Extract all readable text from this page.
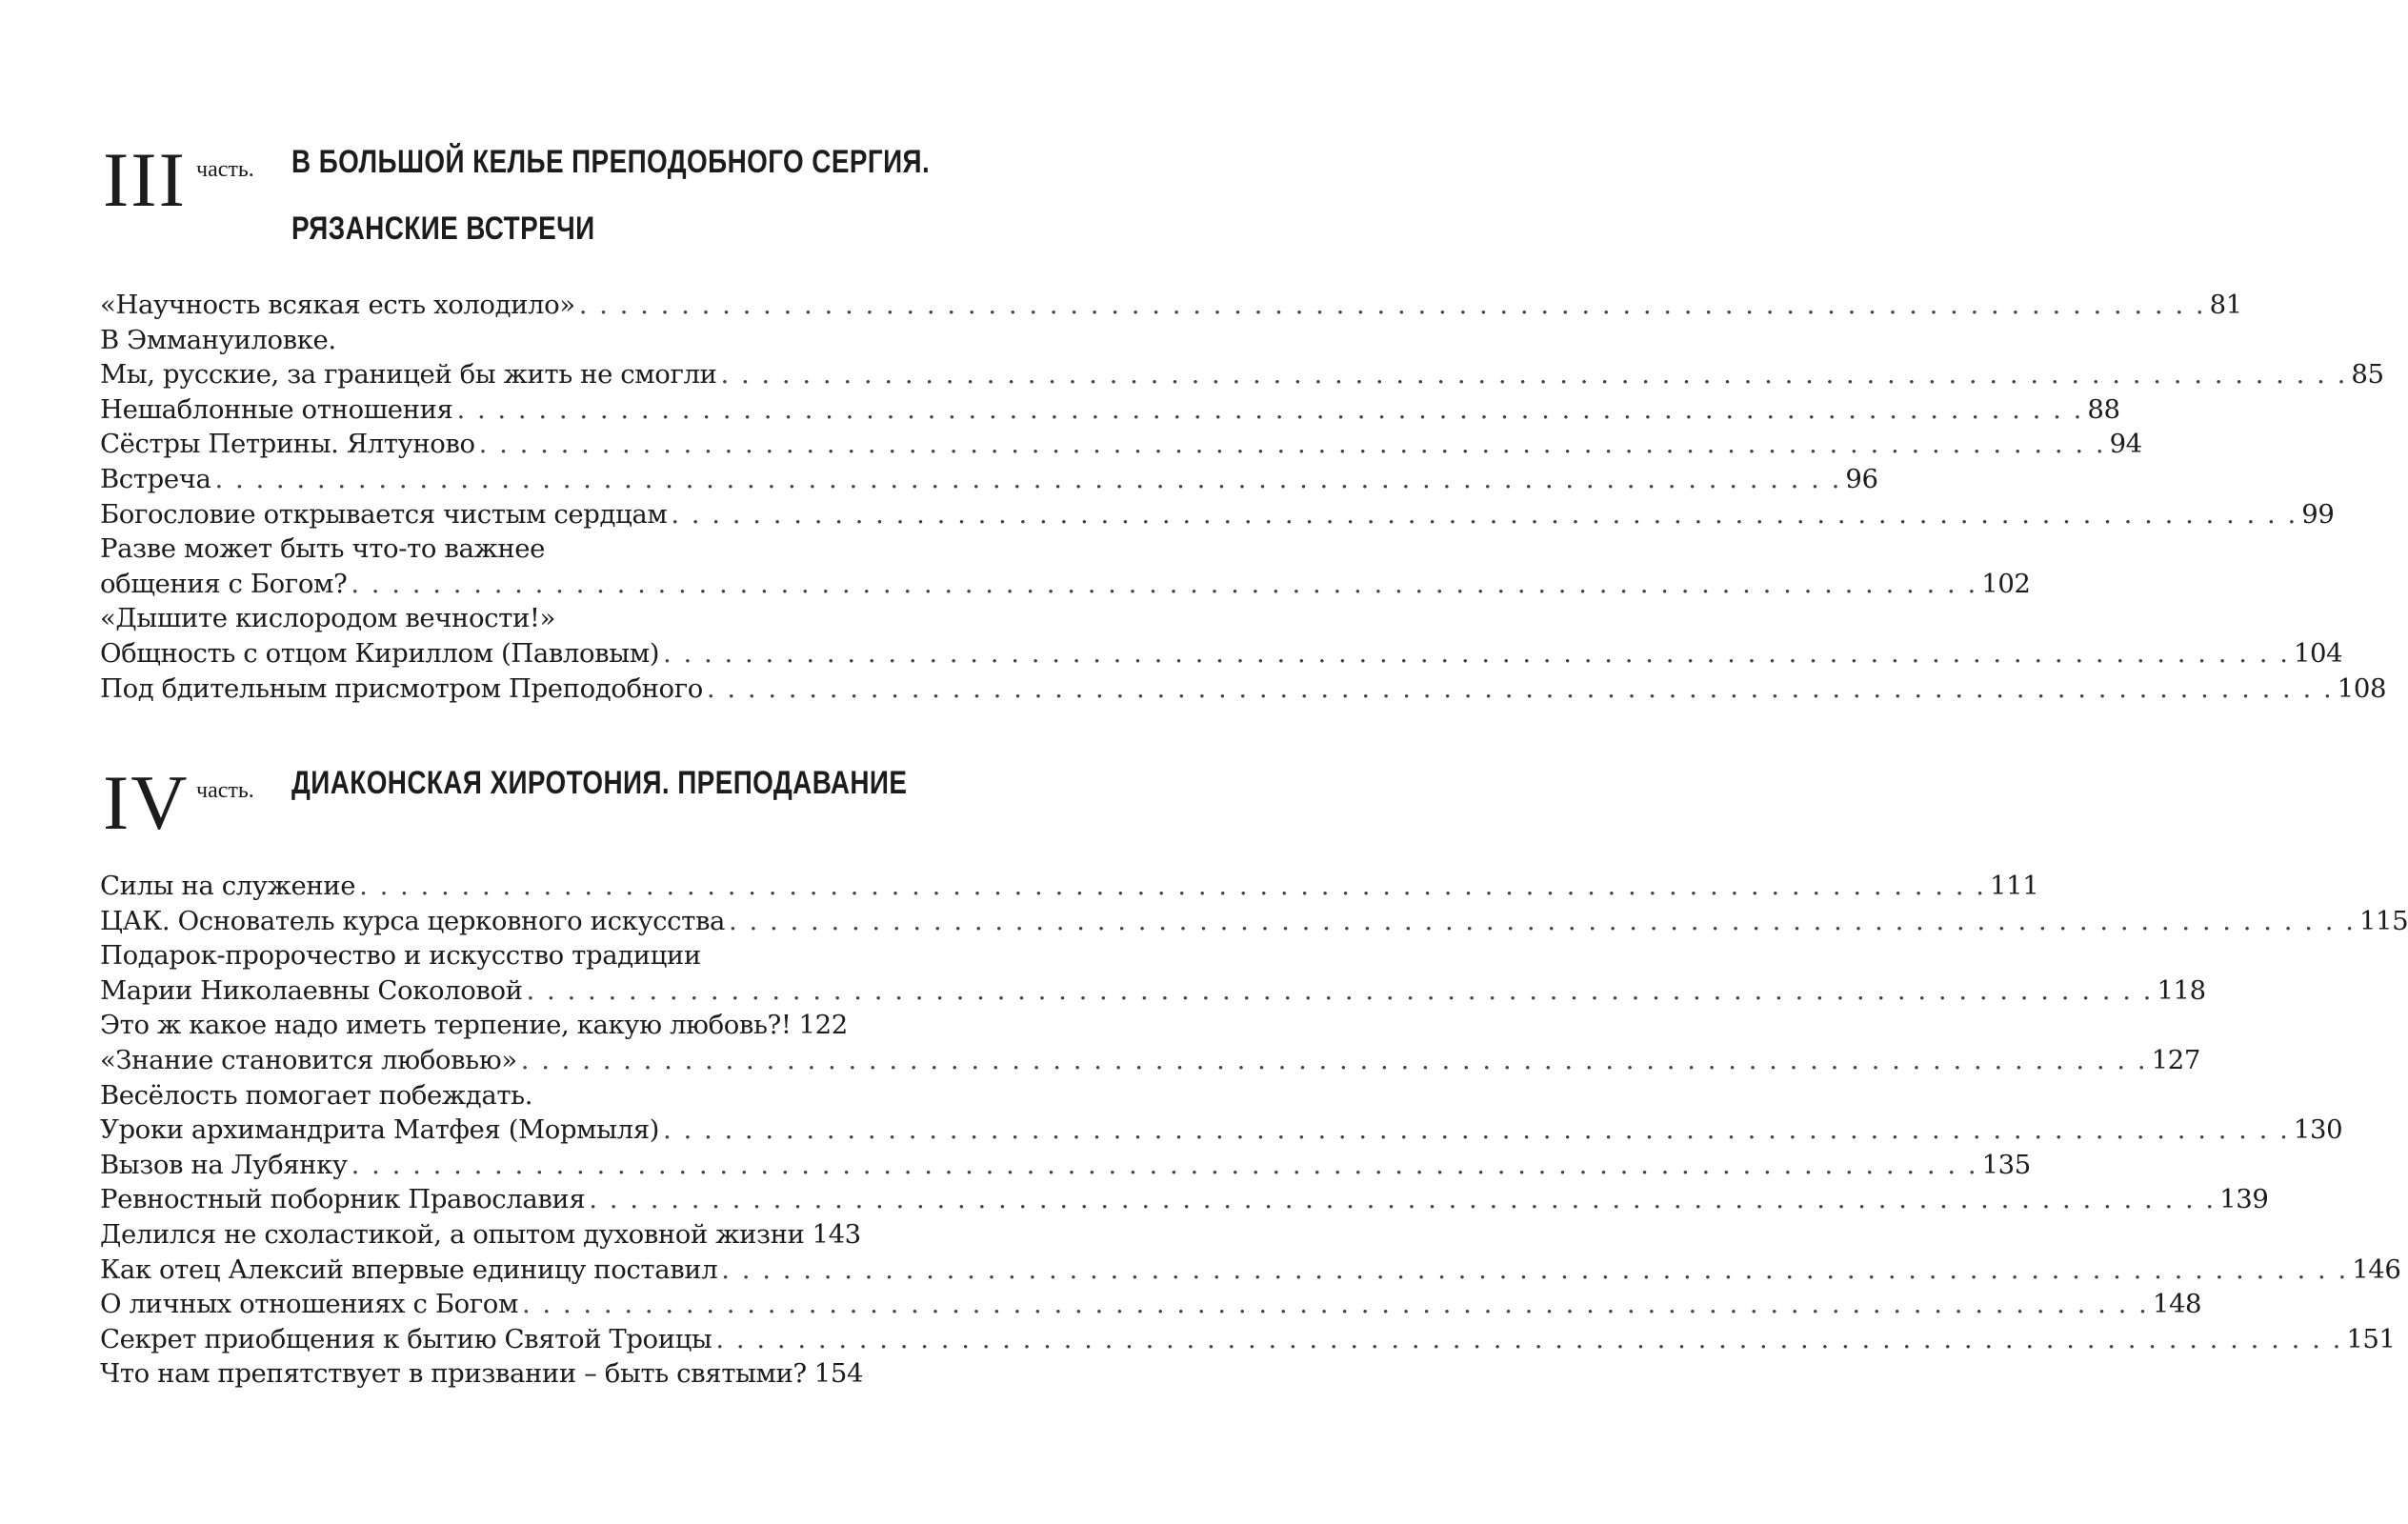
III часть. В БОЛЬШОЙ КЕЛЬЕ ПРЕПОДОБНОГО СЕРГИЯ.
РЯЗАНСКИЕ ВСТРЕЧИ
«Научность всякая есть холодило» . . . . . . . . . . . . . . . . . . . . . . . . . . . . . . . . . . . . . . . . . . . . . . . . . . . . . . . . . . . . . . . . . . . . . . . . . . . . . . . . 81
В Эммануиловке.
Мы, русские, за границей бы жить не смогли . . . . . . . . . . . . . . . . . . . . . . . . . . . . . . . . . . . . . . . . . . . . . . . . . . . . . . . . . . . . . . . . . . . . . . . . . . . . . . . . 85
Нешаблонные отношения . . . . . . . . . . . . . . . . . . . . . . . . . . . . . . . . . . . . . . . . . . . . . . . . . . . . . . . . . . . . . . . . . . . . . . . . . . . . . . . . 88
Сёстры Петрины. Ялтуново . . . . . . . . . . . . . . . . . . . . . . . . . . . . . . . . . . . . . . . . . . . . . . . . . . . . . . . . . . . . . . . . . . . . . . . . . . . . . . . . 94
Встреча . . . . . . . . . . . . . . . . . . . . . . . . . . . . . . . . . . . . . . . . . . . . . . . . . . . . . . . . . . . . . . . . . . . . . . . . . . . . . . . . 96
Богословие открывается чистым сердцам . . . . . . . . . . . . . . . . . . . . . . . . . . . . . . . . . . . . . . . . . . . . . . . . . . . . . . . . . . . . . . . . . . . . . . . . . . . . . . . . 99
Разве может быть что-то важнее
общения с Богом? . . . . . . . . . . . . . . . . . . . . . . . . . . . . . . . . . . . . . . . . . . . . . . . . . . . . . . . . . . . . . . . . . . . . . . . . . . . . . . . . 102
«Дышите кислородом вечности!»
Общность с отцом Кириллом (Павловым) . . . . . . . . . . . . . . . . . . . . . . . . . . . . . . . . . . . . . . . . . . . . . . . . . . . . . . . . . . . . . . . . . . . . . . . . . . . . . . . . 104
Под бдительным присмотром Преподобного . . . . . . . . . . . . . . . . . . . . . . . . . . . . . . . . . . . . . . . . . . . . . . . . . . . . . . . . . . . . . . . . . . . . . . . . . . . . . . . . 108
IV часть. ДИАКОНСКАЯ ХИРОТОНИЯ. ПРЕПОДАВАНИЕ
Силы на служение . . . . . . . . . . . . . . . . . . . . . . . . . . . . . . . . . . . . . . . . . . . . . . . . . . . . . . . . . . . . . . . . . . . . . . . . . . . . . . . . 111
ЦАК. Основатель курса церковного искусства . . . . . . . . . . . . . . . . . . . . . . . . . . . . . . . . . . . . . . . . . . . . . . . . . . . . . . . . . . . . . . . . . . . . . . . . . . . . . . . . 115
Подарок-пророчество и искусство традиции
Марии Николаевны Соколовой . . . . . . . . . . . . . . . . . . . . . . . . . . . . . . . . . . . . . . . . . . . . . . . . . . . . . . . . . . . . . . . . . . . . . . . . . . . . . . . . 118
Это ж какое надо иметь терпение, какую любовь?! 122
«Знание становится любовью» . . . . . . . . . . . . . . . . . . . . . . . . . . . . . . . . . . . . . . . . . . . . . . . . . . . . . . . . . . . . . . . . . . . . . . . . . . . . . . . . 127
Весёлость помогает побеждать.
Уроки архимандрита Матфея (Мормыля) . . . . . . . . . . . . . . . . . . . . . . . . . . . . . . . . . . . . . . . . . . . . . . . . . . . . . . . . . . . . . . . . . . . . . . . . . . . . . . . . 130
Вызов на Лубянку . . . . . . . . . . . . . . . . . . . . . . . . . . . . . . . . . . . . . . . . . . . . . . . . . . . . . . . . . . . . . . . . . . . . . . . . . . . . . . . . 135
Ревностный поборник Православия . . . . . . . . . . . . . . . . . . . . . . . . . . . . . . . . . . . . . . . . . . . . . . . . . . . . . . . . . . . . . . . . . . . . . . . . . . . . . . . . 139
Делился не схоластикой, а опытом духовной жизни 143
Как отец Алексий впервые единицу поставил . . . . . . . . . . . . . . . . . . . . . . . . . . . . . . . . . . . . . . . . . . . . . . . . . . . . . . . . . . . . . . . . . . . . . . . . . . . . . . . . 146
О личных отношениях с Богом . . . . . . . . . . . . . . . . . . . . . . . . . . . . . . . . . . . . . . . . . . . . . . . . . . . . . . . . . . . . . . . . . . . . . . . . . . . . . . . . 148
Секрет приобщения к бытию Святой Троицы . . . . . . . . . . . . . . . . . . . . . . . . . . . . . . . . . . . . . . . . . . . . . . . . . . . . . . . . . . . . . . . . . . . . . . . . . . . . . . . . 151
Что нам препятствует в призвании – быть святыми? 154
